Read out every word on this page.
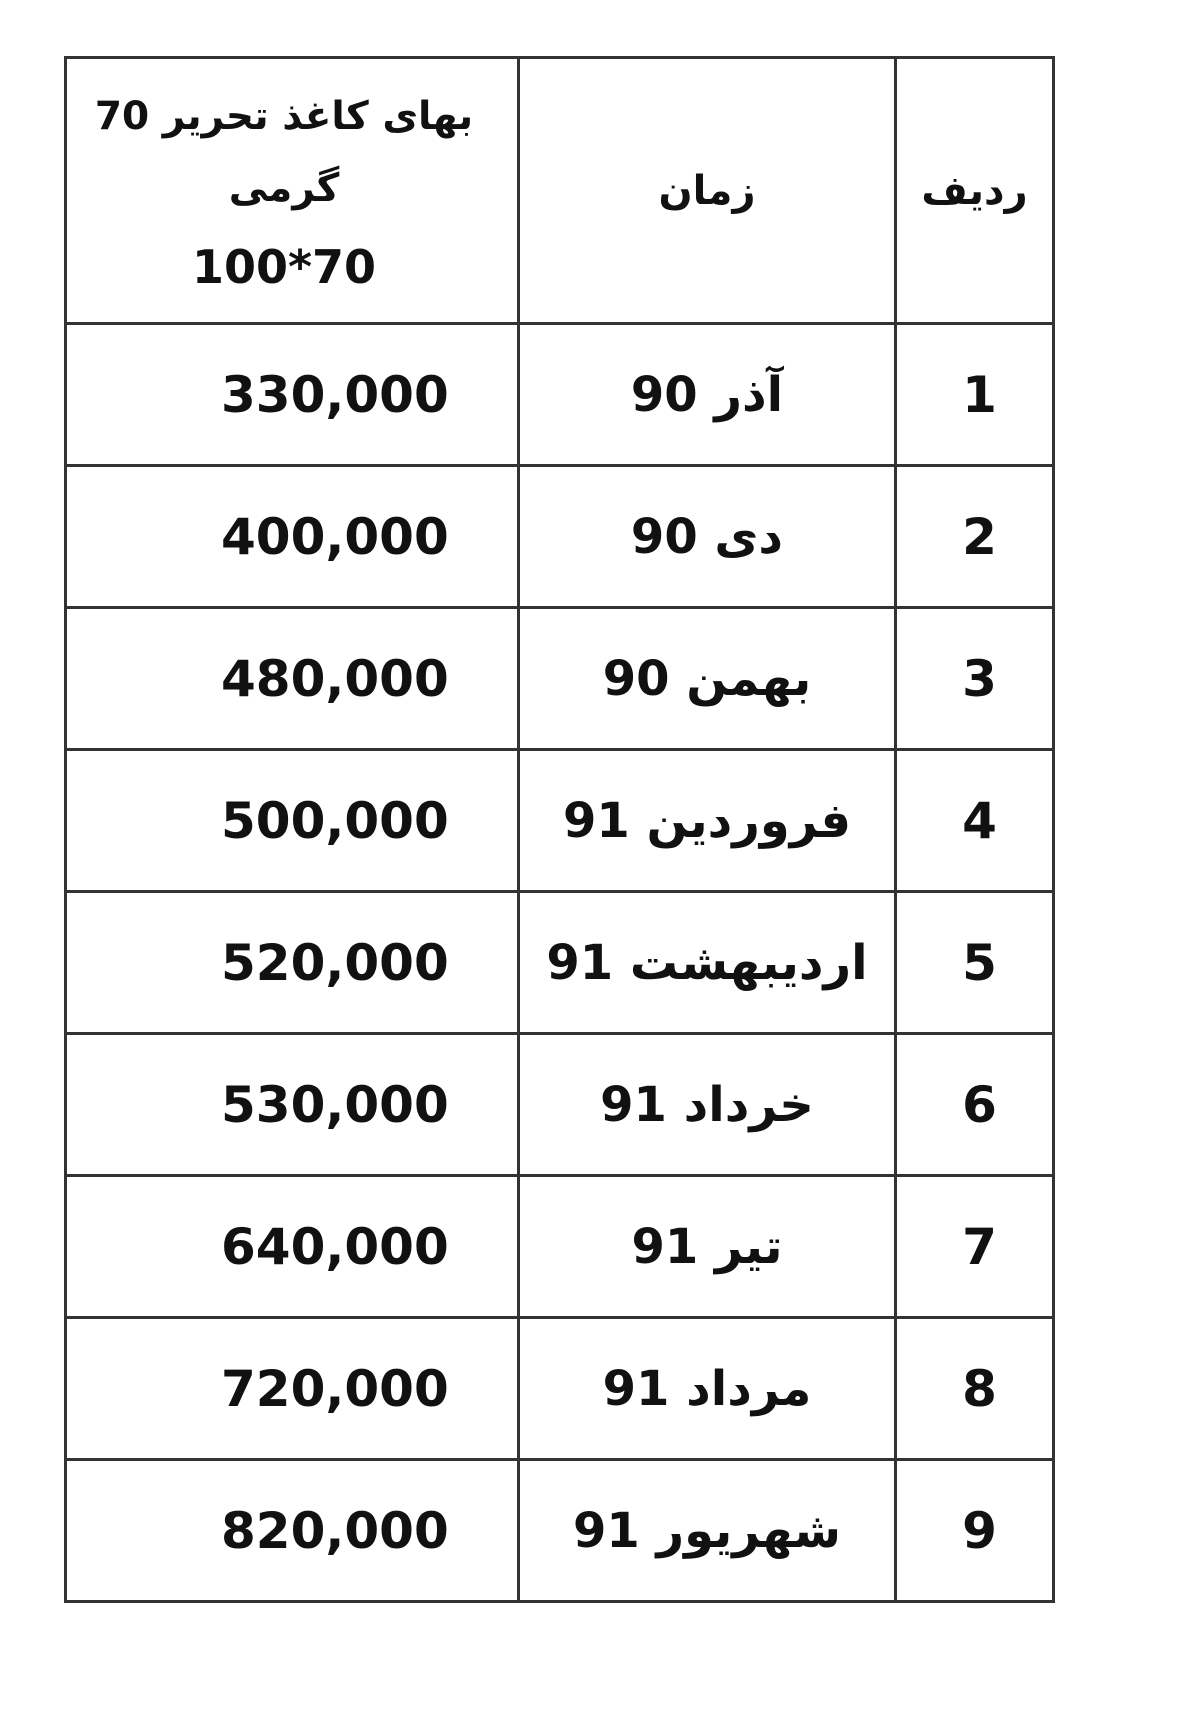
ردیف	زمان	بهای کاغذ تحریر 70 گرمی
70*100

1	آذر 90	330,000
2	دی 90	400,000
3	بهمن 90	480,000
4	فروردین 91	500,000
5	اردیبهشت 91	520,000
6	خرداد 91	530,000
7	تیر 91	640,000
8	مرداد 91	720,000
9	شهریور 91	820,000
